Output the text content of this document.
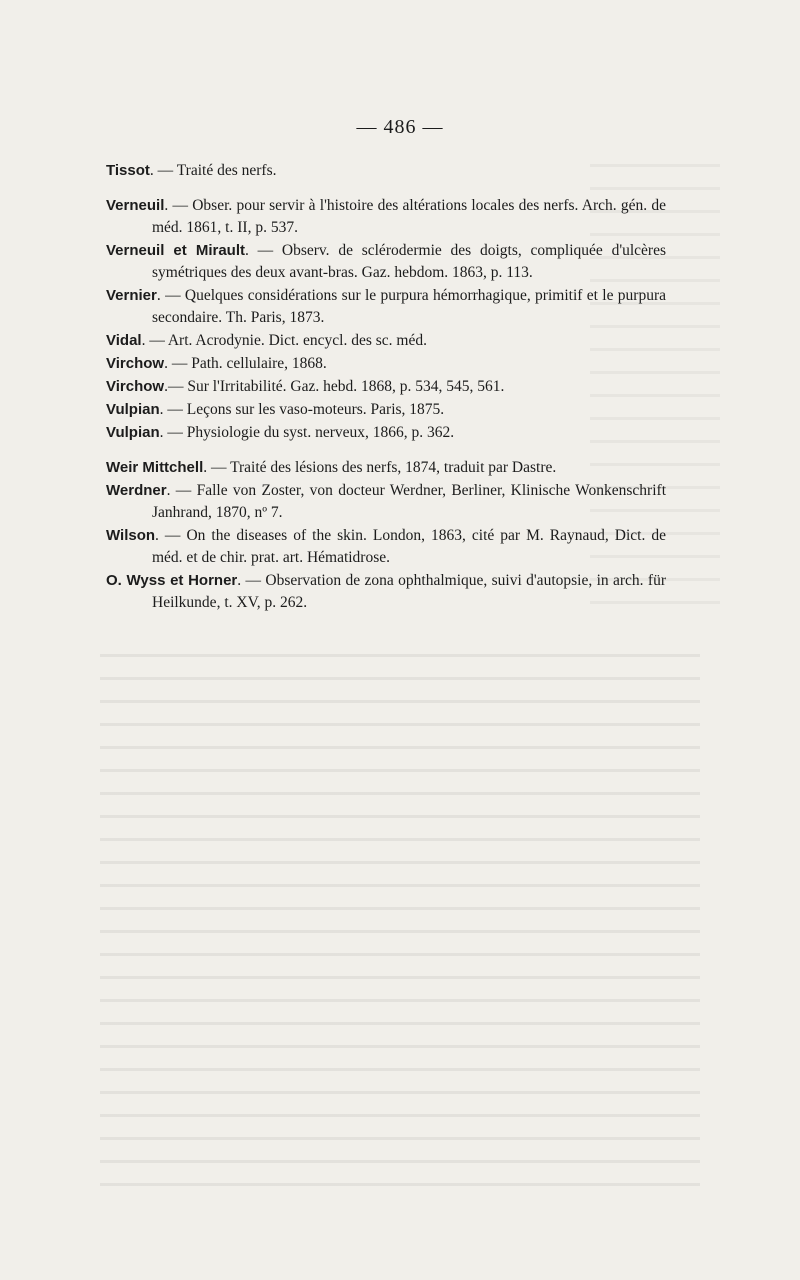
— 486 —

Tissot. — Traité des nerfs.

Verneuil. — Obser. pour servir à l'histoire des altérations locales des nerfs. Arch. gén. de méd. 1861, t. II, p. 537.

Verneuil et Mirault. — Observ. de sclérodermie des doigts, compliquée d'ulcères symétriques des deux avant-bras. Gaz. hebdom. 1863, p. 113.

Vernier. — Quelques considérations sur le purpura hémorrhagique, primitif et le purpura secondaire. Th. Paris, 1873.

Vidal. — Art. Acrodynie. Dict. encycl. des sc. méd.

Virchow. — Path. cellulaire, 1868.

Virchow.— Sur l'Irritabilité. Gaz. hebd. 1868, p. 534, 545, 561.

Vulpian. — Leçons sur les vaso-moteurs. Paris, 1875.

Vulpian. — Physiologie du syst. nerveux, 1866, p. 362.

Weir Mittchell. — Traité des lésions des nerfs, 1874, traduit par Dastre.

Werdner. — Falle von Zoster, von docteur Werdner, Berliner, Klinische Wonkenschrift Janhrand, 1870, nº 7.

Wilson. — On the diseases of the skin. London, 1863, cité par M. Raynaud, Dict. de méd. et de chir. prat. art. Hématidrose.

O. Wyss et Horner. — Observation de zona ophthalmique, suivi d'autopsie, in arch. für Heilkunde, t. XV, p. 262.
